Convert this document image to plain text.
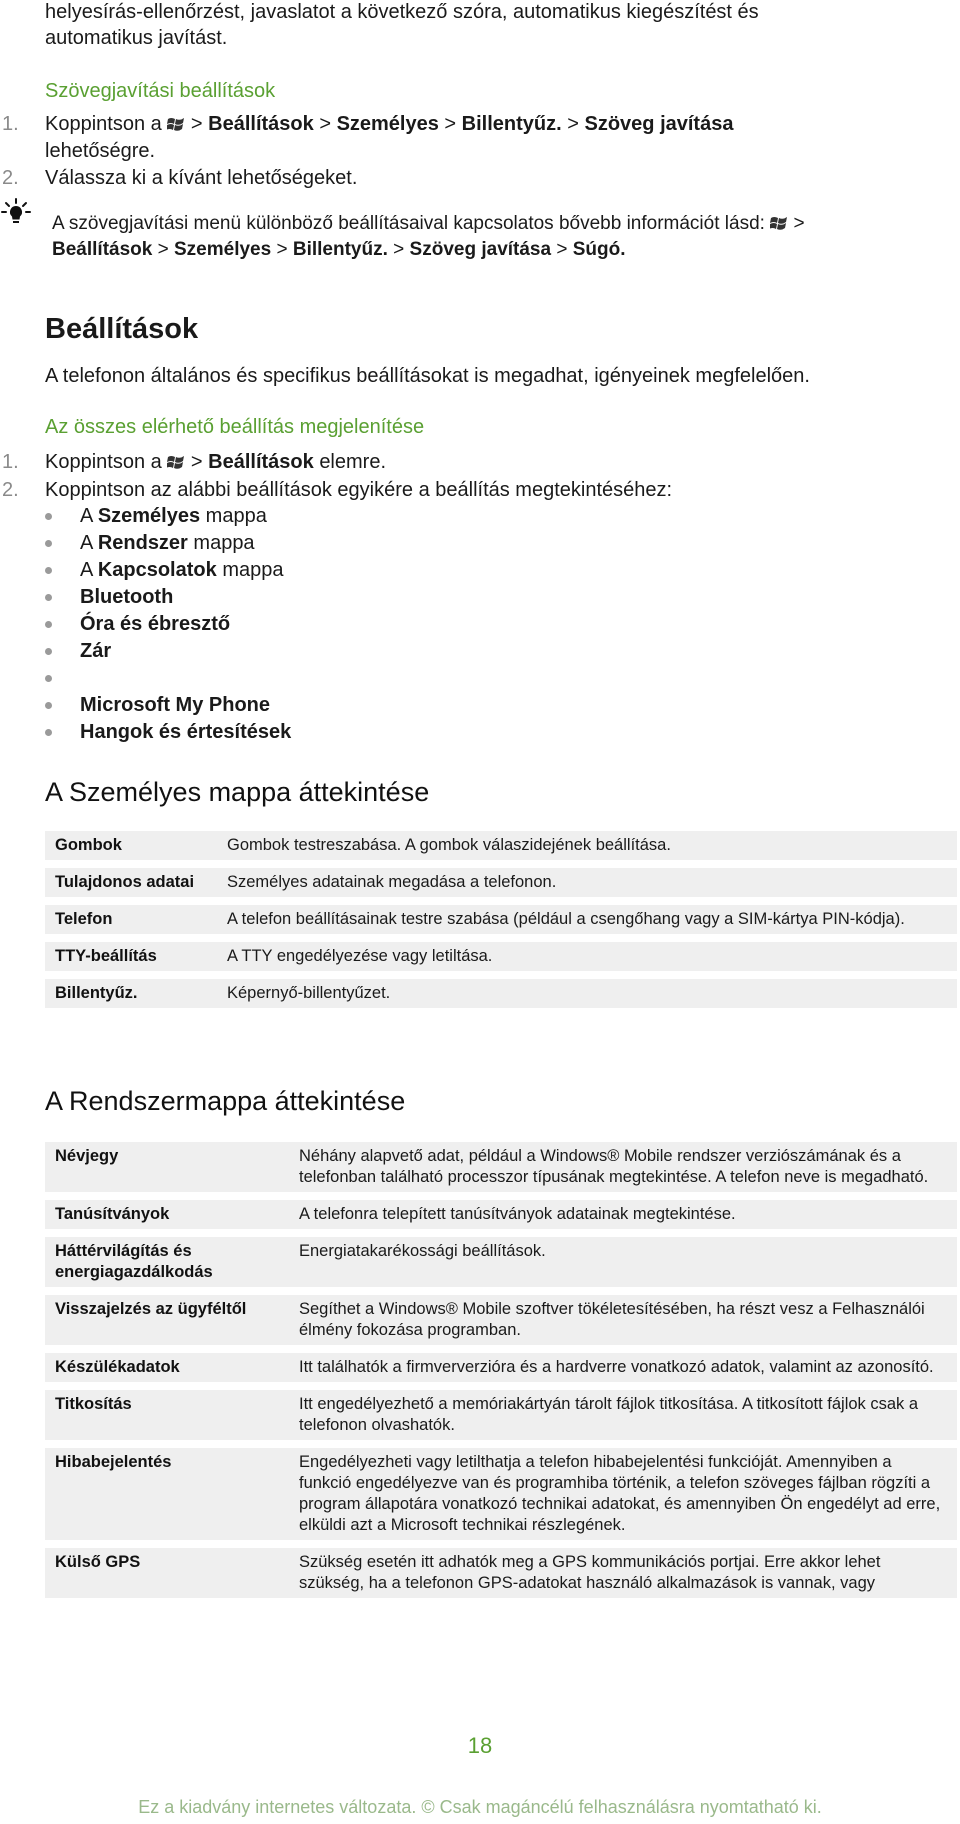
helyesírás-ellenőrzést, javaslatot a következő szóra, automatikus kiegészítést és
automatikus javítást.
Szövegjavítási beállítások
1. Koppintson a > Beállítások > Személyes > Billentyűz. > Szöveg javítása
lehetőségre.
2. Válassza ki a kívánt lehetőségeket.
A szövegjavítási menü különböző beállításaival kapcsolatos bővebb információt lásd: >
Beállítások > Személyes > Billentyűz. > Szöveg javítása > Súgó.
Beállítások
A telefonon általános és specifikus beállításokat is megadhat, igényeinek megfelelően.
Az összes elérhető beállítás megjelenítése
1. Koppintson a > Beállítások elemre.
2. Koppintson az alábbi beállítások egyikére a beállítás megtekintéséhez:
A Személyes mappa
A Rendszer mappa
A Kapcsolatok mappa
Bluetooth
Óra és ébresztő
Zár
Microsoft My Phone
Hangok és értesítések
A Személyes mappa áttekintése
Gombok	Gombok testreszabása. A gombok válaszidejének beállítása.
Tulajdonos adatai	Személyes adatainak megadása a telefonon.
Telefon	A telefon beállításainak testre szabása (például a csengőhang vagy a SIM-kártya PIN-kódja).
TTY-beállítás	A TTY engedélyezése vagy letiltása.
Billentyűz.	Képernyő-billentyűzet.
A Rendszermappa áttekintése
Névjegy	Néhány alapvető adat, például a Windows® Mobile rendszer verziószámának és a telefonban található processzor típusának megtekintése. A telefon neve is megadható.
Tanúsítványok	A telefonra telepített tanúsítványok adatainak megtekintése.
Háttérvilágítás és energiagazdálkodás	Energiatakarékossági beállítások.
Visszajelzés az ügyféltől	Segíthet a Windows® Mobile szoftver tökéletesítésében, ha részt vesz a Felhasználói élmény fokozása programban.
Készülékadatok	Itt találhatók a firmververzióra és a hardverre vonatkozó adatok, valamint az azonosító.
Titkosítás	Itt engedélyezhető a memóriakártyán tárolt fájlok titkosítása. A titkosított fájlok csak a telefonon olvashatók.
Hibabejelentés	Engedélyezheti vagy letilthatja a telefon hibabejelentési funkcióját. Amennyiben a funkció engedélyezve van és programhiba történik, a telefon szöveges fájlban rögzíti a program állapotára vonatkozó technikai adatokat, és amennyiben Ön engedélyt ad erre, elküldi azt a Microsoft technikai részlegének.
Külső GPS	Szükség esetén itt adhatók meg a GPS kommunikációs portjai. Erre akkor lehet szükség, ha a telefonon GPS-adatokat használó alkalmazások is vannak, vagy
18
Ez a kiadvány internetes változata. © Csak magáncélú felhasználásra nyomtatható ki.
